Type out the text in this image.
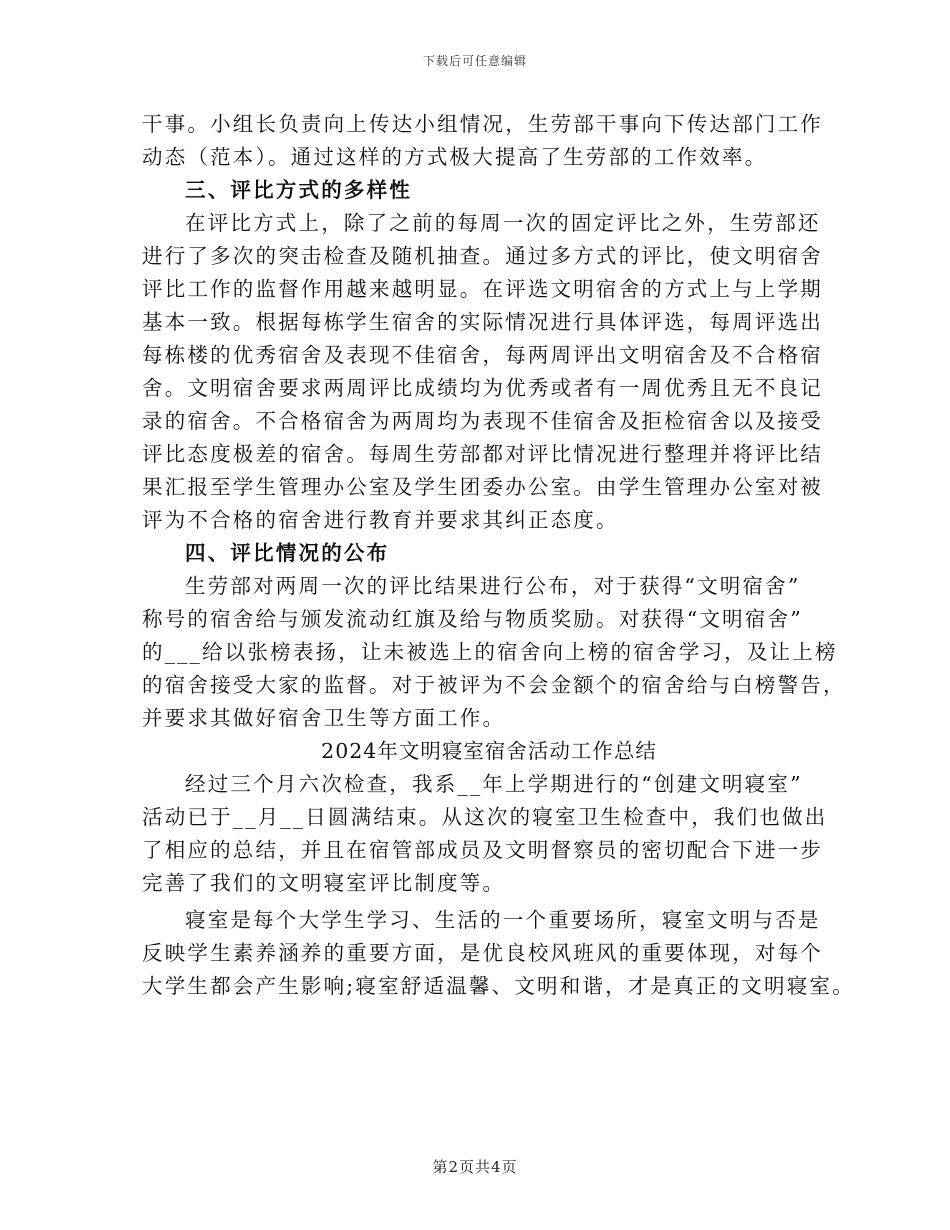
下载后可任意编辑
干事。小组长负责向上传达小组情况，生劳部干事向下传达部门工作
动态（范本）。通过这样的方式极大提高了生劳部的工作效率。
三、评比方式的多样性
在评比方式上，除了之前的每周一次的固定评比之外，生劳部还
进行了多次的突击检查及随机抽查。通过多方式的评比，使文明宿舍
评比工作的监督作用越来越明显。在评选文明宿舍的方式上与上学期
基本一致。根据每栋学生宿舍的实际情况进行具体评选，每周评选出
每栋楼的优秀宿舍及表现不佳宿舍，每两周评出文明宿舍及不合格宿
舍。文明宿舍要求两周评比成绩均为优秀或者有一周优秀且无不良记
录的宿舍。不合格宿舍为两周均为表现不佳宿舍及拒检宿舍以及接受
评比态度极差的宿舍。每周生劳部都对评比情况进行整理并将评比结
果汇报至学生管理办公室及学生团委办公室。由学生管理办公室对被
评为不合格的宿舍进行教育并要求其纠正态度。
四、评比情况的公布
生劳部对两周一次的评比结果进行公布，对于获得“文明宿舍”
称号的宿舍给与颁发流动红旗及给与物质奖励。对获得“文明宿舍”
的___给以张榜表扬，让未被选上的宿舍向上榜的宿舍学习，及让上榜
的宿舍接受大家的监督。对于被评为不会金额个的宿舍给与白榜警告，
并要求其做好宿舍卫生等方面工作。
2024年文明寝室宿舍活动工作总结
经过三个月六次检查，我系__年上学期进行的“创建文明寝室”
活动已于__月__日圆满结束。从这次的寝室卫生检查中，我们也做出
了相应的总结，并且在宿管部成员及文明督察员的密切配合下进一步
完善了我们的文明寝室评比制度等。
寝室是每个大学生学习、生活的一个重要场所，寝室文明与否是
反映学生素养涵养的重要方面，是优良校风班风的重要体现，对每个
大学生都会产生影响;寝室舒适温馨、文明和谐，才是真正的文明寝室。
第2页共4页
